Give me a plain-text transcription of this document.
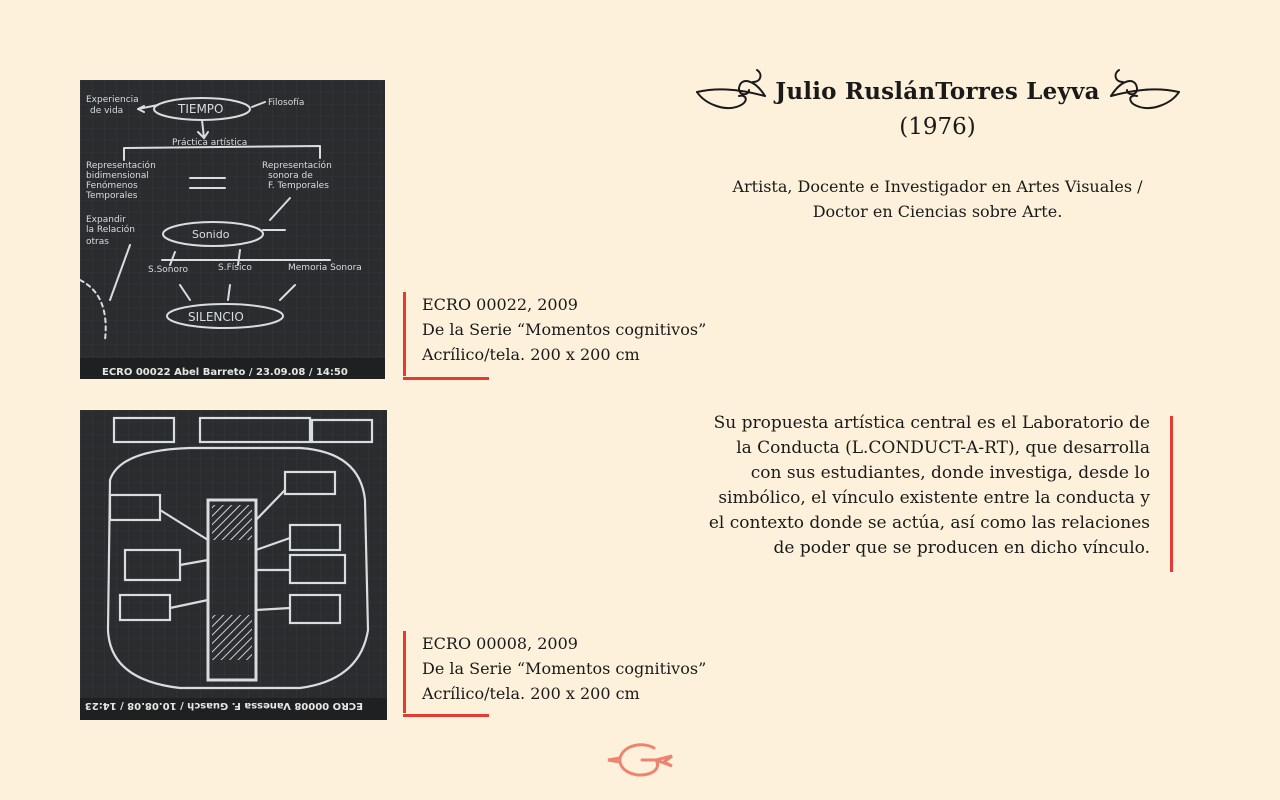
Experiencia
de vida	TIEMPO	Filosofía
Práctica artística
Representación
bidimensional
Fenómenos
Temporales
Representación
sonora de
F. Temporales
Expandir
la Relación
otras
Sonido
S.Sonoro	S.Físico	Memoria Sonora
SILENCIO
ECRO 00022 Abel Barreto / 23.09.08 / 14:50
ECRO 00022, 2009
De la Serie “Momentos cognitivos”
Acrílico/tela. 200 x 200 cm
ECRO 00008 Vanessa F. Guasch / 10.08.08 / 14:23
ECRO 00008, 2009
De la Serie “Momentos cognitivos”
Acrílico/tela. 200 x 200 cm
Julio RuslánTorres Leyva
(1976)
Artista, Docente e Investigador en Artes Visuales /
Doctor en Ciencias sobre Arte.
Su propuesta artística central es el Laboratorio de
la Conducta (L.CONDUCT-A-RT), que desarrolla
con sus estudiantes, donde investiga, desde lo
simbólico, el vínculo existente entre la conducta y
el contexto donde se actúa, así como las relaciones
de poder que se producen en dicho vínculo.
